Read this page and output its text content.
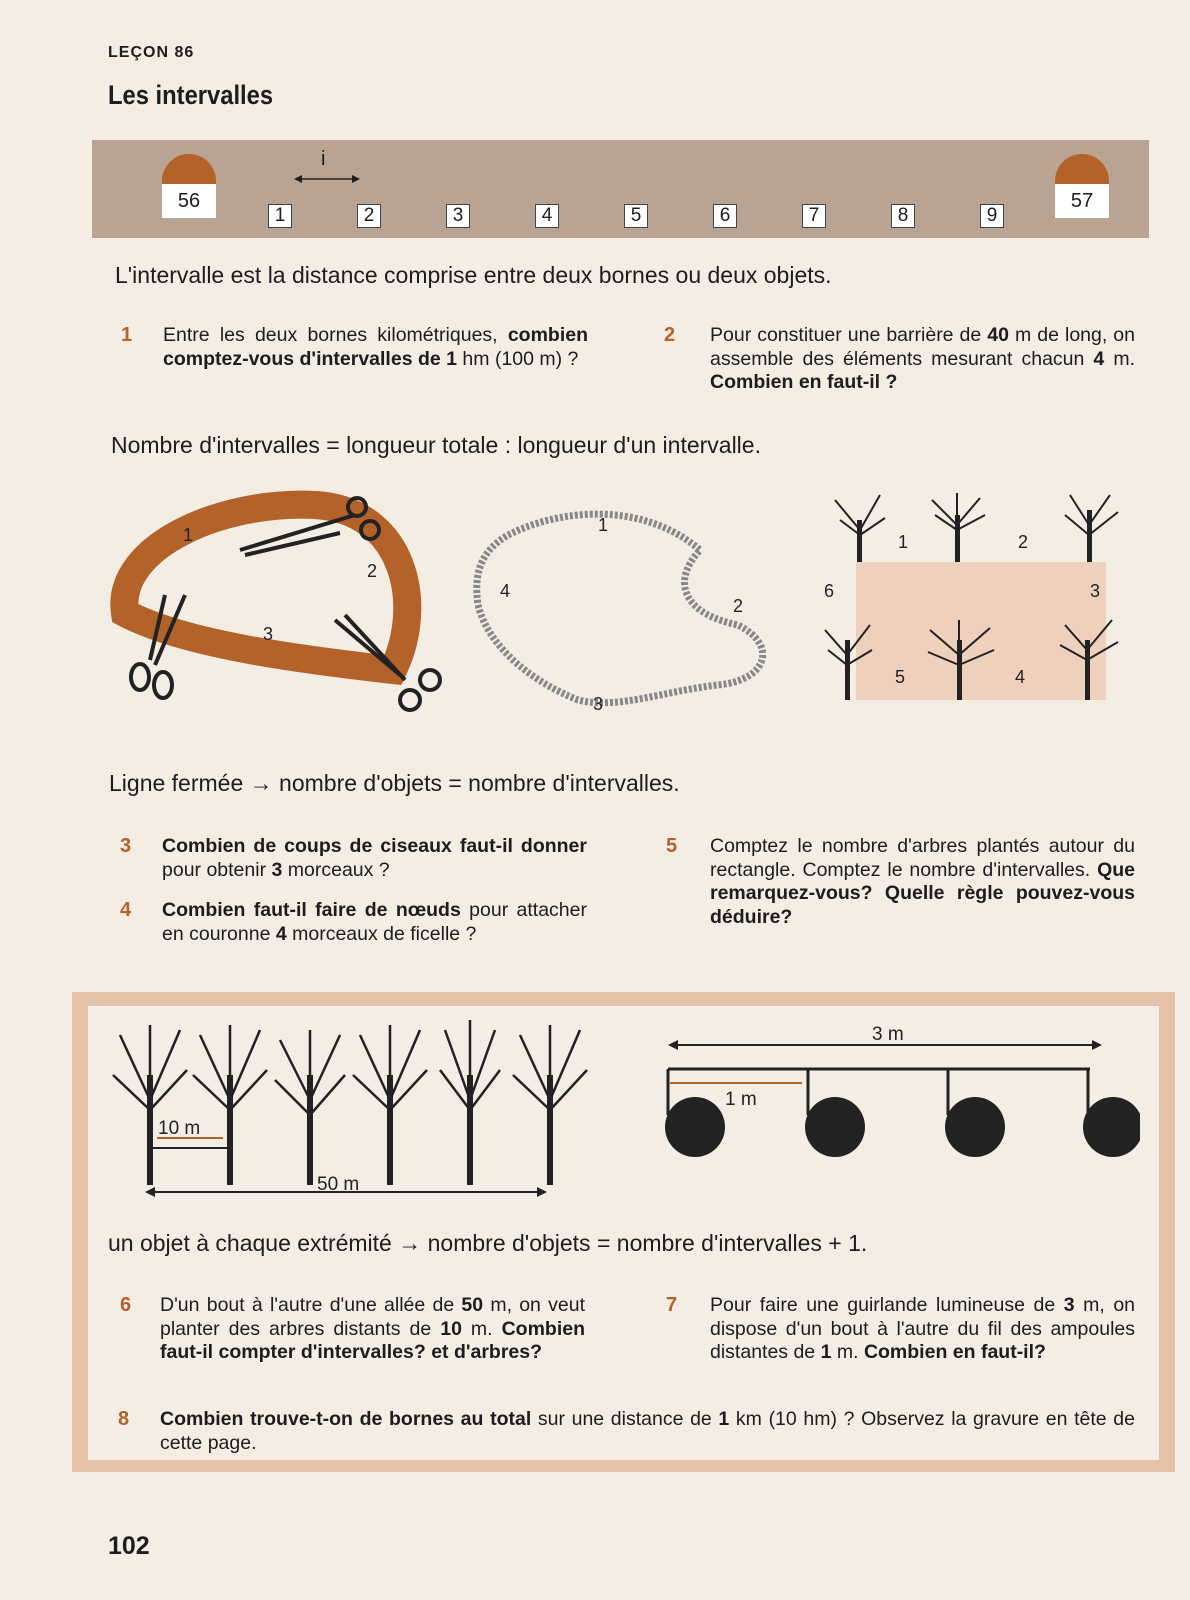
LEÇON 86
Les intervalles
56	57
1	2	3	4	5	6	7	8	9
i
L'intervalle est la distance comprise entre deux bornes ou deux objets.
1 Entre les deux bornes kilométriques, combien comptez-vous d'intervalles de 1 hm (100 m) ?
2 Pour constituer une barrière de 40 m de long, on assemble des éléments mesurant chacun 4 m. Combien en faut-il ?
Nombre d'intervalles = longueur totale : longueur d'un intervalle.
1
2
3
1
2
3
4
1	2
3
4
5
6
Ligne fermée → nombre d'objets = nombre d'intervalles.
3 Combien de coups de ciseaux faut-il donner pour obtenir 3 morceaux ?
4 Combien faut-il faire de nœuds pour attacher en couronne 4 morceaux de ficelle ?
5 Comptez le nombre d'arbres plantés autour du rectangle. Comptez le nombre d'intervalles. Que remarquez-vous? Quelle règle pouvez-vous déduire?
10 m
50 m
3 m
1 m
un objet à chaque extrémité → nombre d'objets = nombre d'intervalles + 1.
6 D'un bout à l'autre d'une allée de 50 m, on veut planter des arbres distants de 10 m. Combien faut-il compter d'intervalles? et d'arbres?
7 Pour faire une guirlande lumineuse de 3 m, on dispose d'un bout à l'autre du fil des ampoules distantes de 1 m. Combien en faut-il?
8 Combien trouve-t-on de bornes au total sur une distance de 1 km (10 hm) ? Observez la gravure en tête de cette page.
102
